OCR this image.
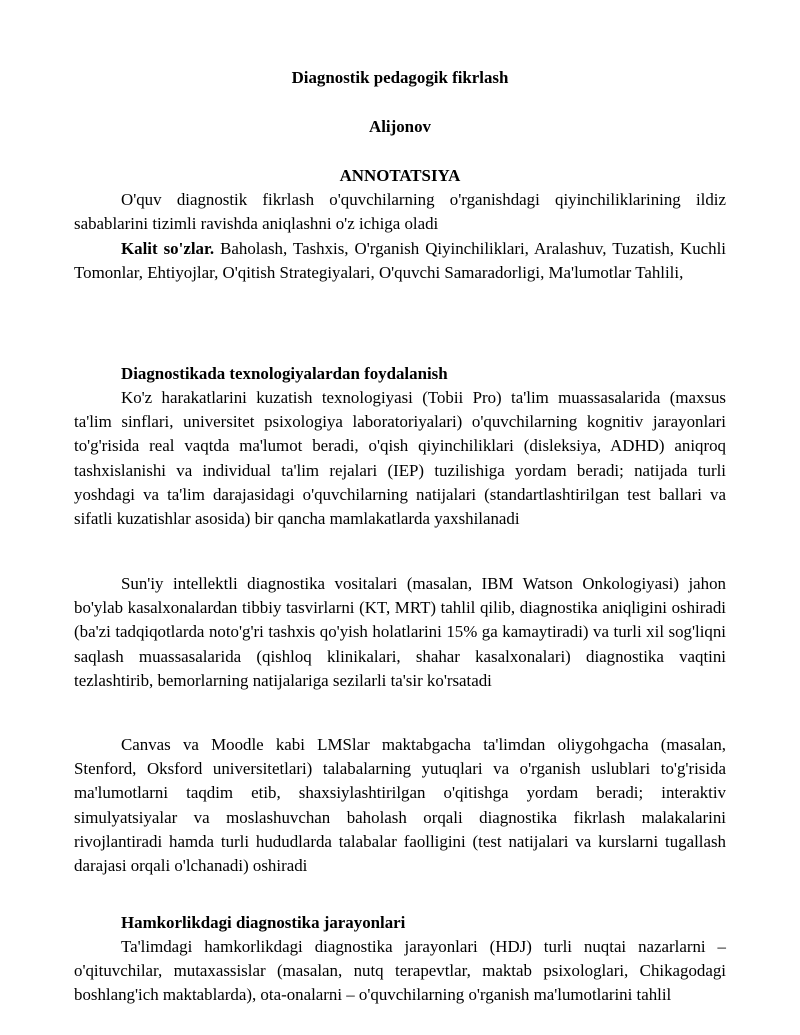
Diagnostik pedagogik fikrlash

Alijonov

ANNOTATSIYA

O'quv diagnostik fikrlash o'quvchilarning o'rganishdagi qiyinchiliklarining ildiz sabablarini tizimli ravishda aniqlashni o'z ichiga oladi

Kalit so'zlar. Baholash, Tashxis, O'rganish Qiyinchiliklari, Aralashuv, Tuzatish, Kuchli Tomonlar, Ehtiyojlar, O'qitish Strategiyalari, O'quvchi Samaradorligi, Ma'lumotlar Tahlili,

Diagnostikada texnologiyalardan foydalanish

Ko'z harakatlarini kuzatish texnologiyasi (Tobii Pro) ta'lim muassasalarida (maxsus ta'lim sinflari, universitet psixologiya laboratoriyalari) o'quvchilarning kognitiv jarayonlari to'g'risida real vaqtda ma'lumot beradi, o'qish qiyinchiliklari (disleksiya, ADHD) aniqroq tashxislanishi va individual ta'lim rejalari (IEP) tuzilishiga yordam beradi; natijada turli yoshdagi va ta'lim darajasidagi o'quvchilarning natijalari (standartlashtirilgan test ballari va sifatli kuzatishlar asosida) bir qancha mamlakatlarda yaxshilanadi

Sun'iy intellektli diagnostika vositalari (masalan, IBM Watson Onkologiyasi) jahon bo'ylab kasalxonalardan tibbiy tasvirlarni (KT, MRT) tahlil qilib, diagnostika aniqligini oshiradi (ba'zi tadqiqotlarda noto'g'ri tashxis qo'yish holatlarini 15% ga kamaytiradi) va turli xil sog'liqni saqlash muassasalarida (qishloq klinikalari, shahar kasalxonalari) diagnostika vaqtini tezlashtirib, bemorlarning natijalariga sezilarli ta'sir ko'rsatadi

Canvas va Moodle kabi LMSlar maktabgacha ta'limdan oliygohgacha (masalan, Stenford, Oksford universitetlari) talabalarning yutuqlari va o'rganish uslublari to'g'risida ma'lumotlarni taqdim etib, shaxsiylashtirilgan o'qitishga yordam beradi; interaktiv simulyatsiyalar va moslashuvchan baholash orqali diagnostika fikrlash malakalarini rivojlantiradi hamda turli hududlarda talabalar faolligini (test natijalari va kurslarni tugallash darajasi orqali o'lchanadi) oshiradi

Hamkorlikdagi diagnostika jarayonlari

Ta'limdagi hamkorlikdagi diagnostika jarayonlari (HDJ) turli nuqtai nazarlarni – o'qituvchilar, mutaxassislar (masalan, nutq terapevtlar, maktab psixologlari, Chikagodagi boshlang'ich maktablarda), ota-onalarni – o'quvchilarning o'rganish ma'lumotlarini tahlil
